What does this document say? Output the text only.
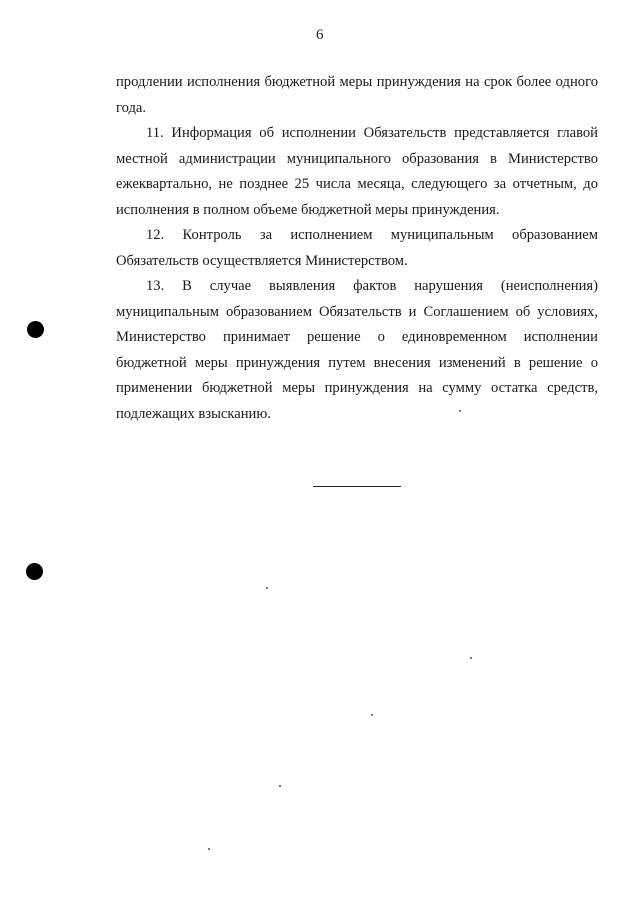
6

продлении исполнения бюджетной меры принуждения на срок более одного года.

11. Информация об исполнении Обязательств представляется главой местной администрации муниципального образования в Министерство ежеквартально, не позднее 25 числа месяца, следующего за отчетным, до исполнения в полном объеме бюджетной меры принуждения.

12. Контроль за исполнением муниципальным образованием Обязательств осуществляется Министерством.

13. В случае выявления фактов нарушения (неисполнения) муниципальным образованием Обязательств и Соглашением об условиях, Министерство принимает решение о единовременном исполнении бюджетной меры принуждения путем внесения изменений в решение о применении бюджетной меры принуждения на сумму остатка средств, подлежащих взысканию.
